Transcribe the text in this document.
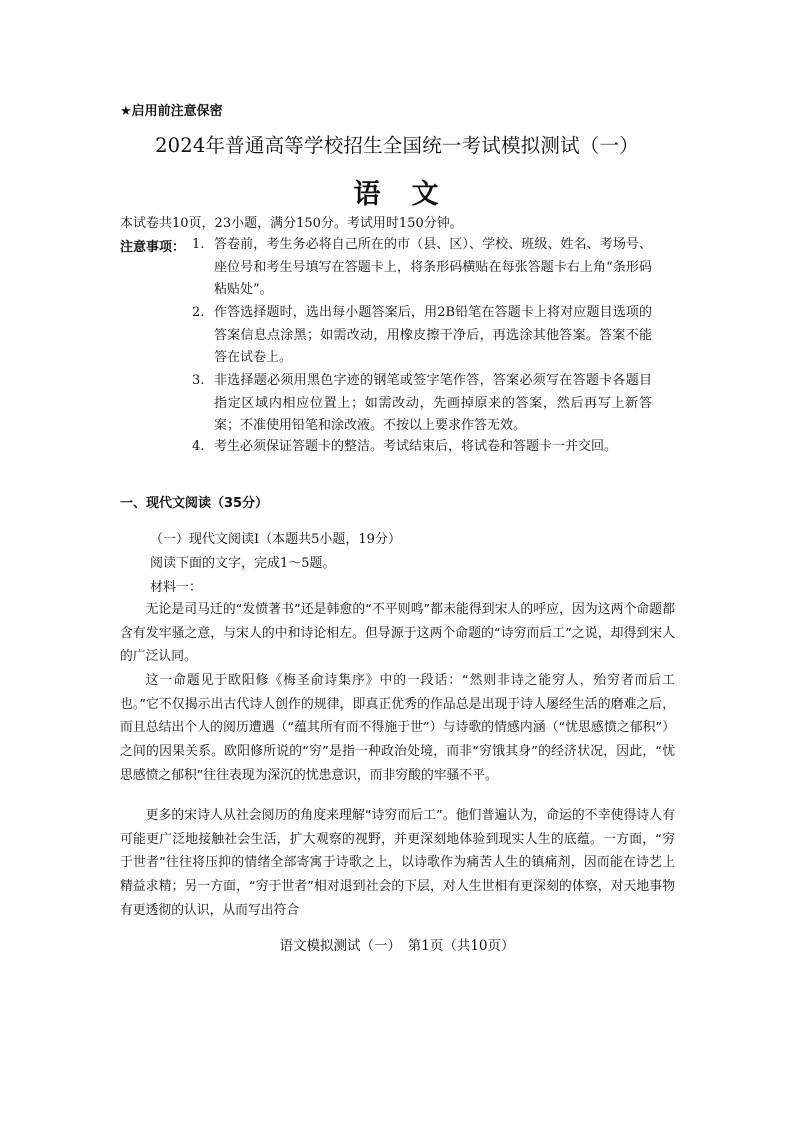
★启用前注意保密
2024年普通高等学校招生全国统一考试模拟测试（一）
语　文
本试卷共10页，23小题，满分150分。考试用时150分钟。
注意事项： 1. 答卷前，考生务必将自己所在的市（县、区）、学校、班级、姓名、考场号、座位号和考生号填写在答题卡上，将条形码横贴在每张答题卡右上角“条形码粘贴处”。
2. 作答选择题时，选出每小题答案后，用2B铅笔在答题卡上将对应题目选项的答案信息点涂黑；如需改动，用橡皮擦干净后，再选涂其他答案。答案不能答在试卷上。
3. 非选择题必须用黑色字迹的钢笔或签字笔作答，答案必须写在答题卡各题目指定区域内相应位置上；如需改动，先画掉原来的答案，然后再写上新答案；不准使用铅笔和涂改液。不按以上要求作答无效。
4. 考生必须保证答题卡的整洁。考试结束后，将试卷和答题卡一并交回。
一、现代文阅读（35分）
（一）现代文阅读Ⅰ（本题共5小题，19分）
阅读下面的文字，完成1～5题。
材料一：
无论是司马迁的“发愤著书”还是韩愈的“不平则鸣”都未能得到宋人的呼应，因为这两个命题都含有发牢骚之意，与宋人的中和诗论相左。但导源于这两个命题的“诗穷而后工”之说，却得到宋人的广泛认同。
这一命题见于欧阳修《梅圣俞诗集序》中的一段话：“然则非诗之能穷人，殆穷者而后工也。”它不仅揭示出古代诗人创作的规律，即真正优秀的作品总是出现于诗人屡经生活的磨难之后，而且总结出个人的阅历遭遇（“蕴其所有而不得施于世”）与诗歌的情感内涵（“忧思感愤之郁积”）之间的因果关系。欧阳修所说的“穷”是指一种政治处境，而非“穷饿其身”的经济状况，因此，“忧思感愤之郁积”往往表现为深沉的忧患意识，而非穷酸的牢骚不平。
更多的宋诗人从社会阅历的角度来理解“诗穷而后工”。他们普遍认为，命运的不幸使得诗人有可能更广泛地接触社会生活，扩大观察的视野，并更深刻地体验到现实人生的底蕴。一方面，“穷于世者”往往将压抑的情绪全部寄寓于诗歌之上，以诗歌作为痛苦人生的镇痛剂，因而能在诗艺上精益求精；另一方面，“穷于世者”相对退到社会的下层，对人生世相有更深刻的体察，对天地事物有更透彻的认识，从而写出符合
语文模拟测试（一）　第1页（共10页）
